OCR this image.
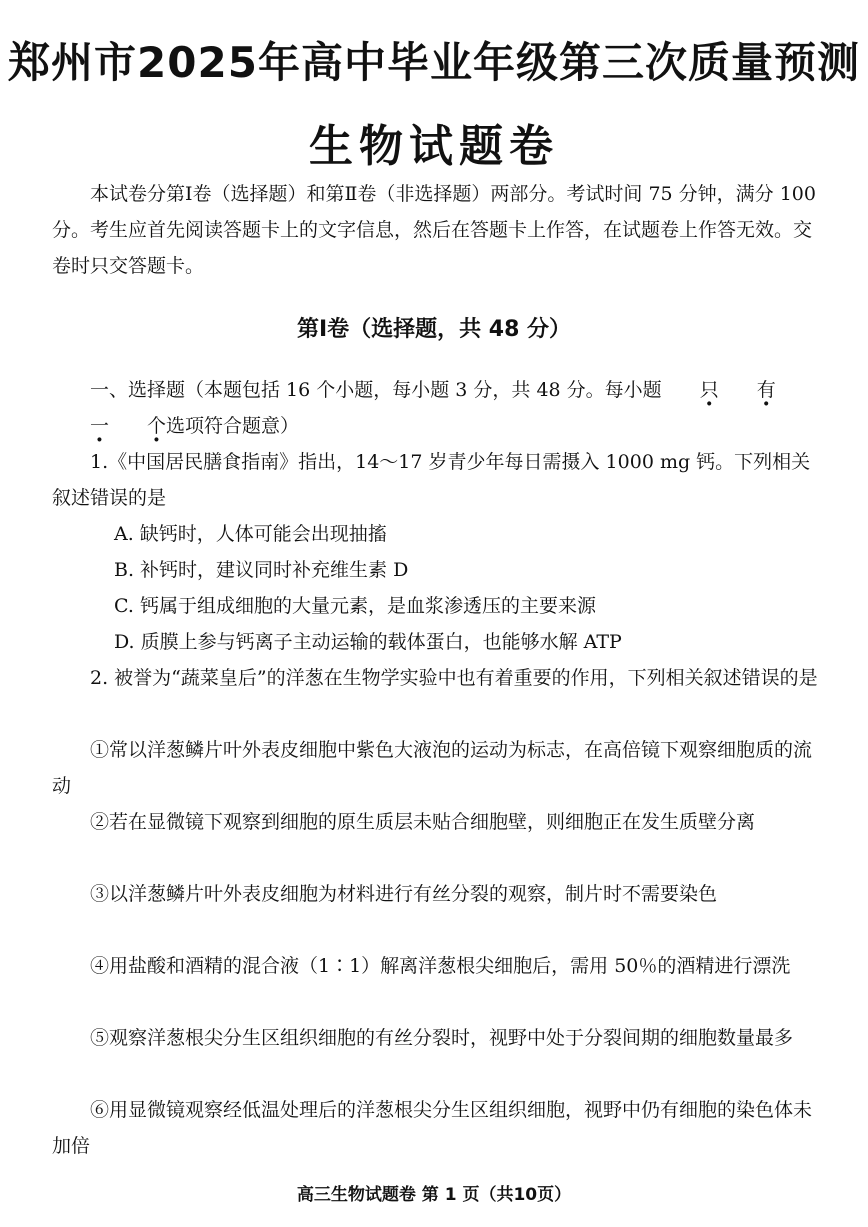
郑州市2025年高中毕业年级第三次质量预测
生物试题卷
本试卷分第Ⅰ卷（选择题）和第Ⅱ卷（非选择题）两部分。考试时间 75 分钟，满分 100 分。考生应首先阅读答题卡上的文字信息，然后在答题卡上作答，在试题卷上作答无效。交卷时只交答题卡。
第Ⅰ卷（选择题，共 48 分）
一、选择题（本题包括 16 个小题，每小题 3 分，共 48 分。每小题 只 有一 个选项符合题意）
1.《中国居民膳食指南》指出，14～17 岁青少年每日需摄入 1000 mg 钙。下列相关叙述错误的是
A. 缺钙时，人体可能会出现抽搐
B. 补钙时，建议同时补充维生素 D
C. 钙属于组成细胞的大量元素，是血浆渗透压的主要来源
D. 质膜上参与钙离子主动运输的载体蛋白，也能够水解 ATP
2. 被誉为“蔬菜皇后”的洋葱在生物学实验中也有着重要的作用，下列相关叙述错误的是
①常以洋葱鳞片叶外表皮细胞中紫色大液泡的运动为标志，在高倍镜下观察细胞质的流动
②若在显微镜下观察到细胞的原生质层未贴合细胞壁，则细胞正在发生质壁分离
③以洋葱鳞片叶外表皮细胞为材料进行有丝分裂的观察，制片时不需要染色
④用盐酸和酒精的混合液（1∶1）解离洋葱根尖细胞后，需用 50％的酒精进行漂洗
⑤观察洋葱根尖分生区组织细胞的有丝分裂时，视野中处于分裂间期的细胞数量最多
⑥用显微镜观察经低温处理后的洋葱根尖分生区组织细胞，视野中仍有细胞的染色体未加倍
高三生物试题卷 第 1 页（共10页）
